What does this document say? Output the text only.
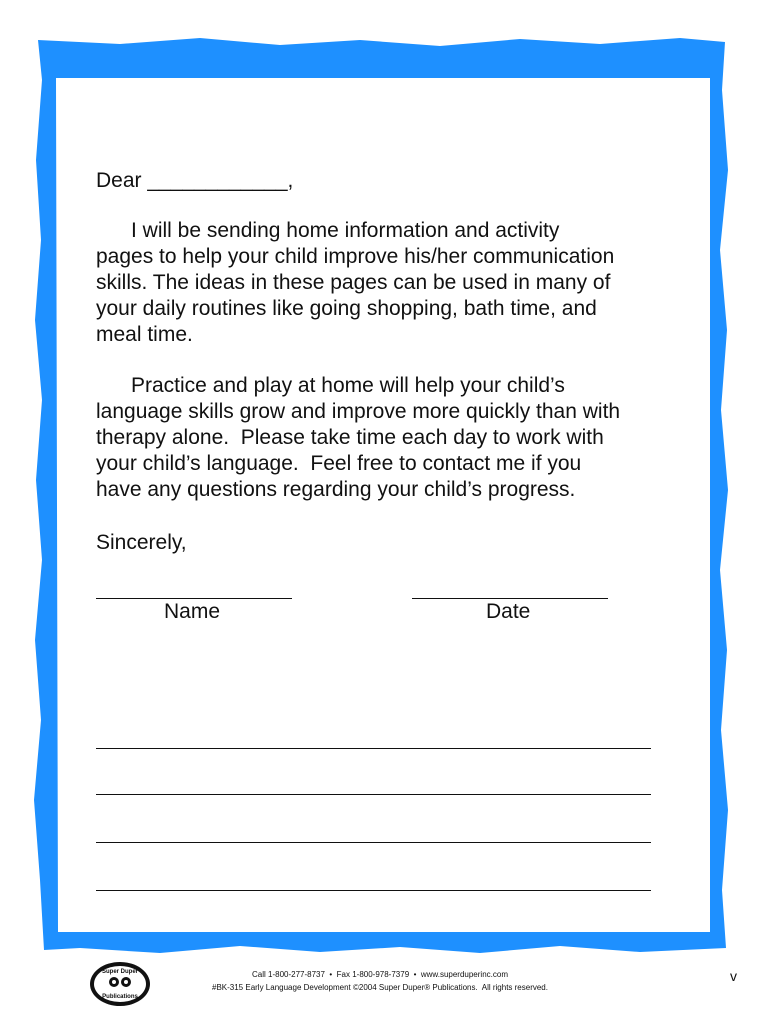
Dear ____________,
I will be sending home information and activity
pages to help your child improve his/her communication
skills. The ideas in these pages can be used in many of
your daily routines like going shopping, bath time, and
meal time.
Practice and play at home will help your child’s
language skills grow and improve more quickly than with
therapy alone.  Please take time each day to work with
your child’s language.  Feel free to contact me if you
have any questions regarding your child’s progress.
Sincerely,
Name	Date
Super Duper
Publications
Call 1-800-277-8737  •  Fax 1-800-978-7379  •  www.superduperinc.com
#BK-315 Early Language Development ©2004 Super Duper® Publications.  All rights reserved.
v
